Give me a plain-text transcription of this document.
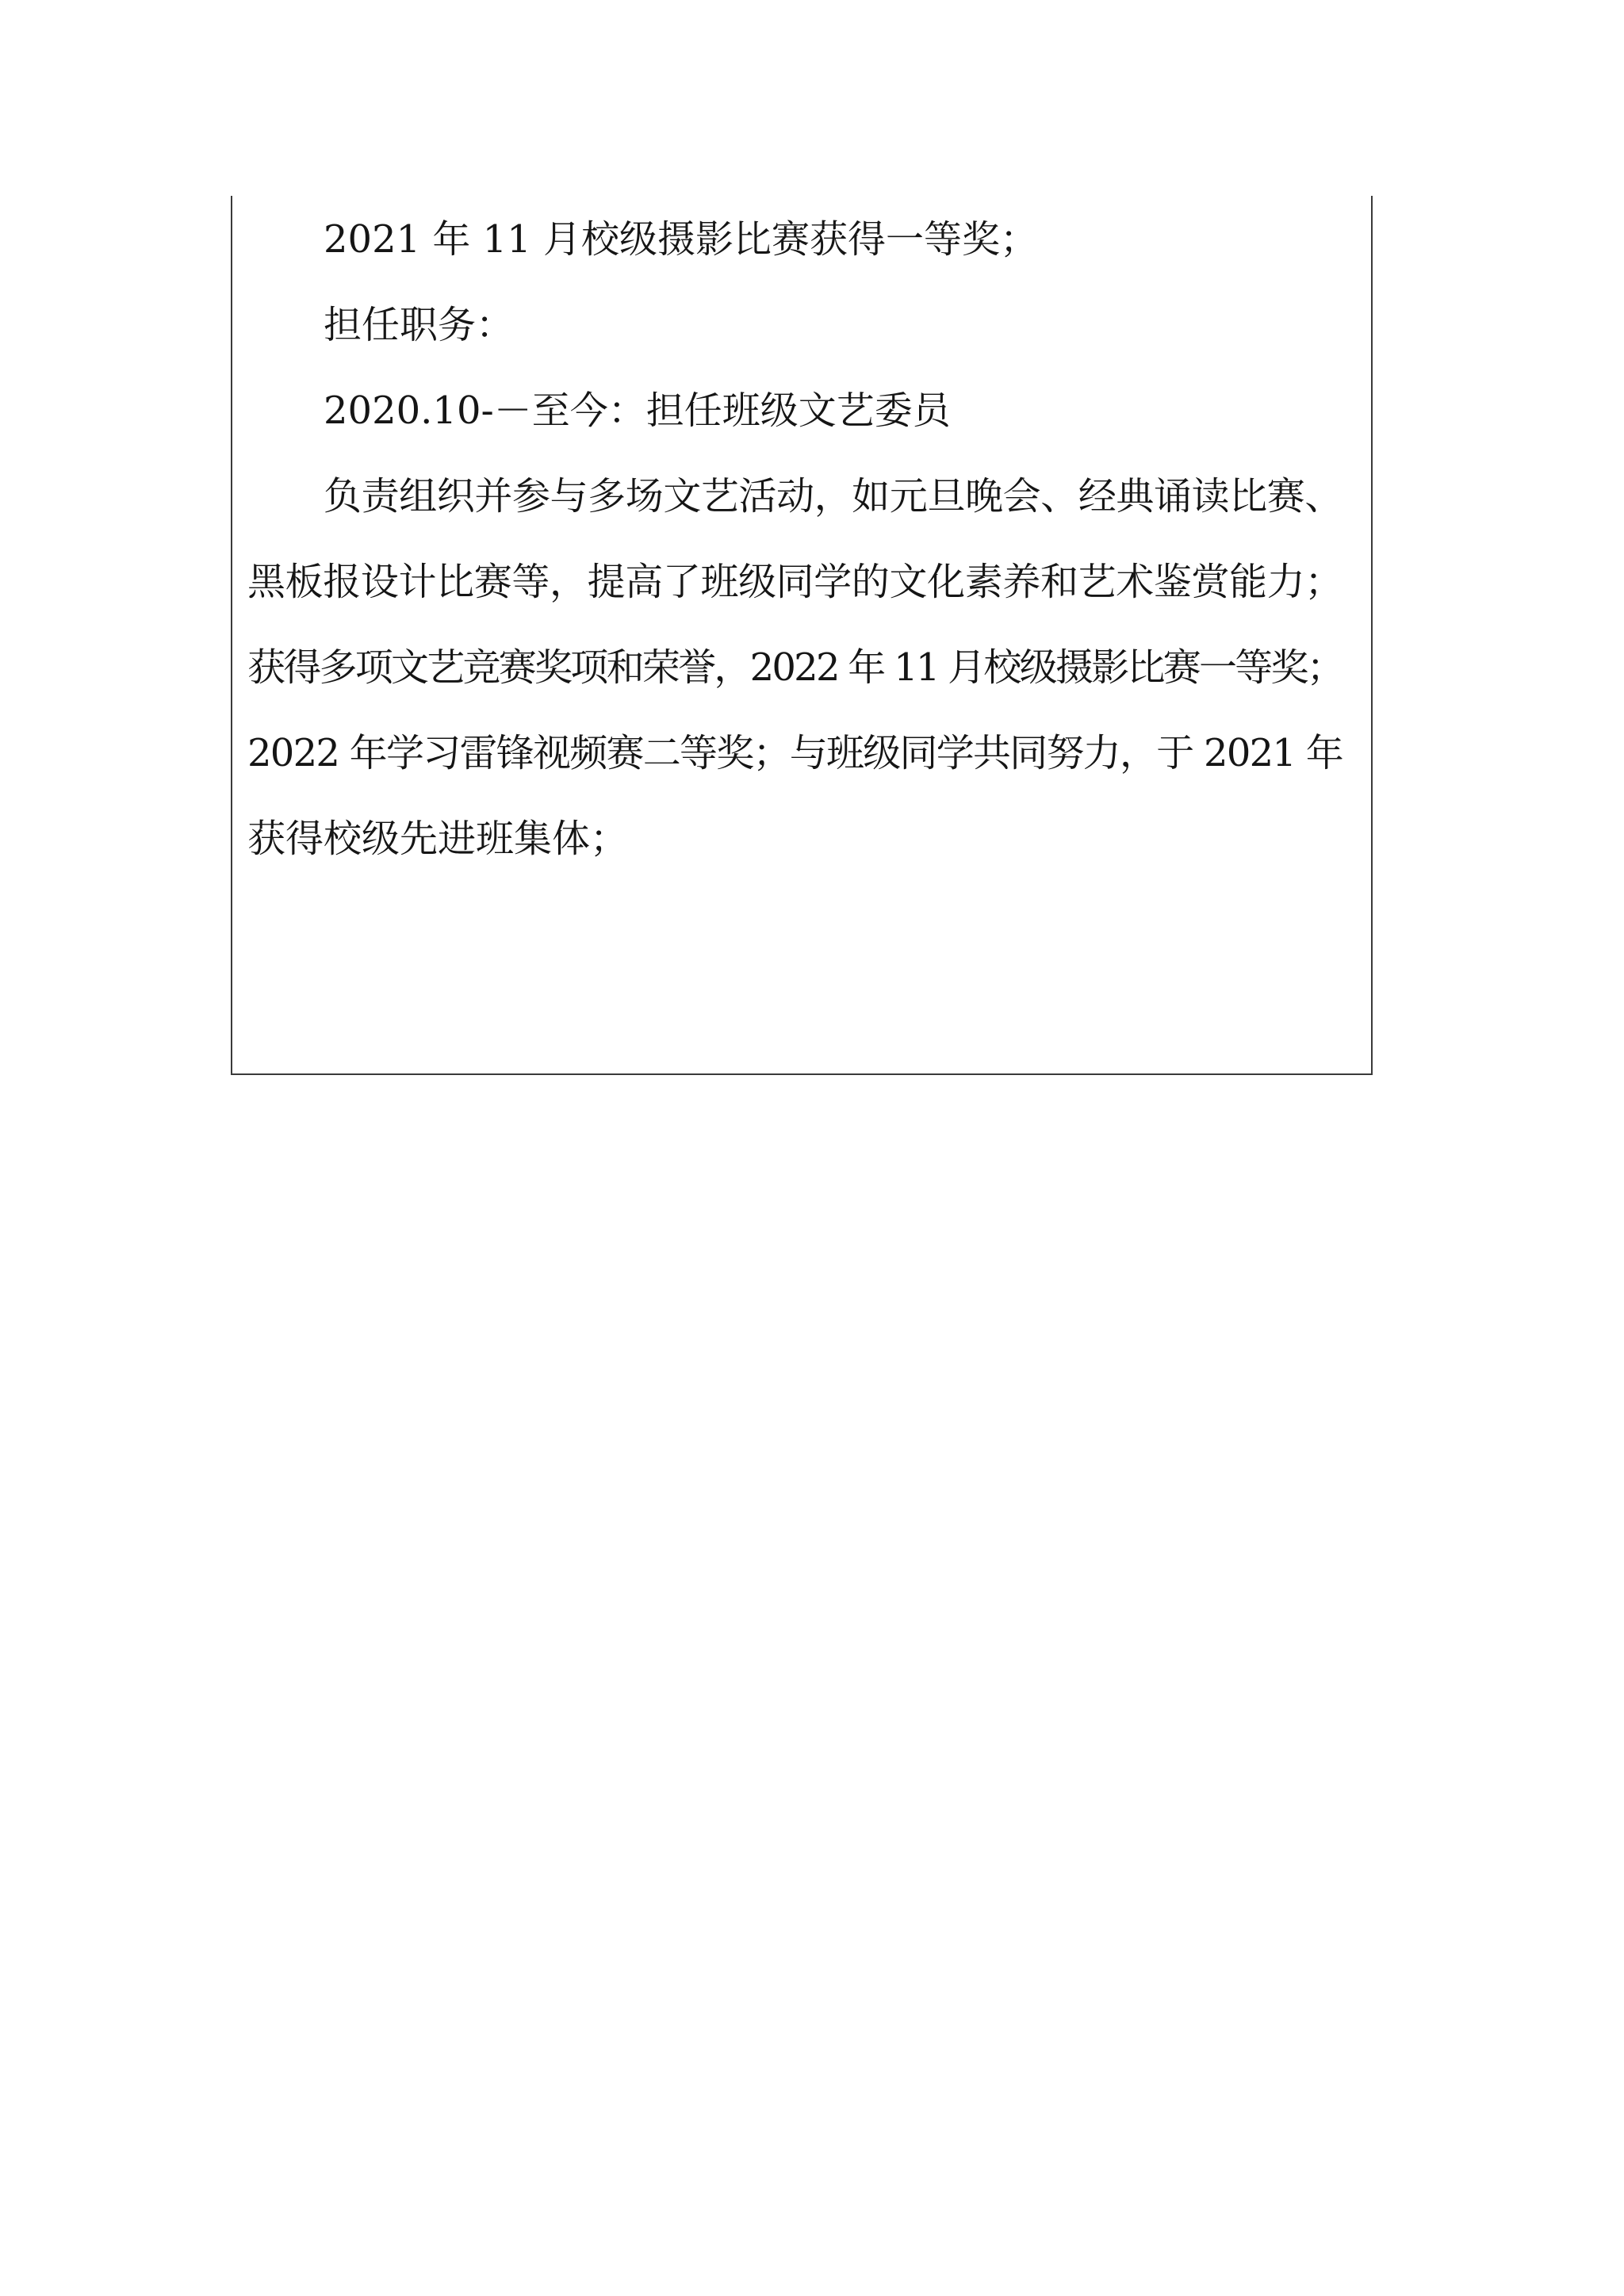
2021 年 11 月校级摄影比赛获得一等奖；
担任职务：
2020.10-－至今：担任班级文艺委员
负责组织并参与多场文艺活动，如元旦晚会、经典诵读比赛、
黑板报设计比赛等，提高了班级同学的文化素养和艺术鉴赏能力；
获得多项文艺竞赛奖项和荣誉，2022 年 11 月校级摄影比赛一等奖；
2022 年学习雷锋视频赛二等奖；与班级同学共同努力，于 2021 年
获得校级先进班集体；
